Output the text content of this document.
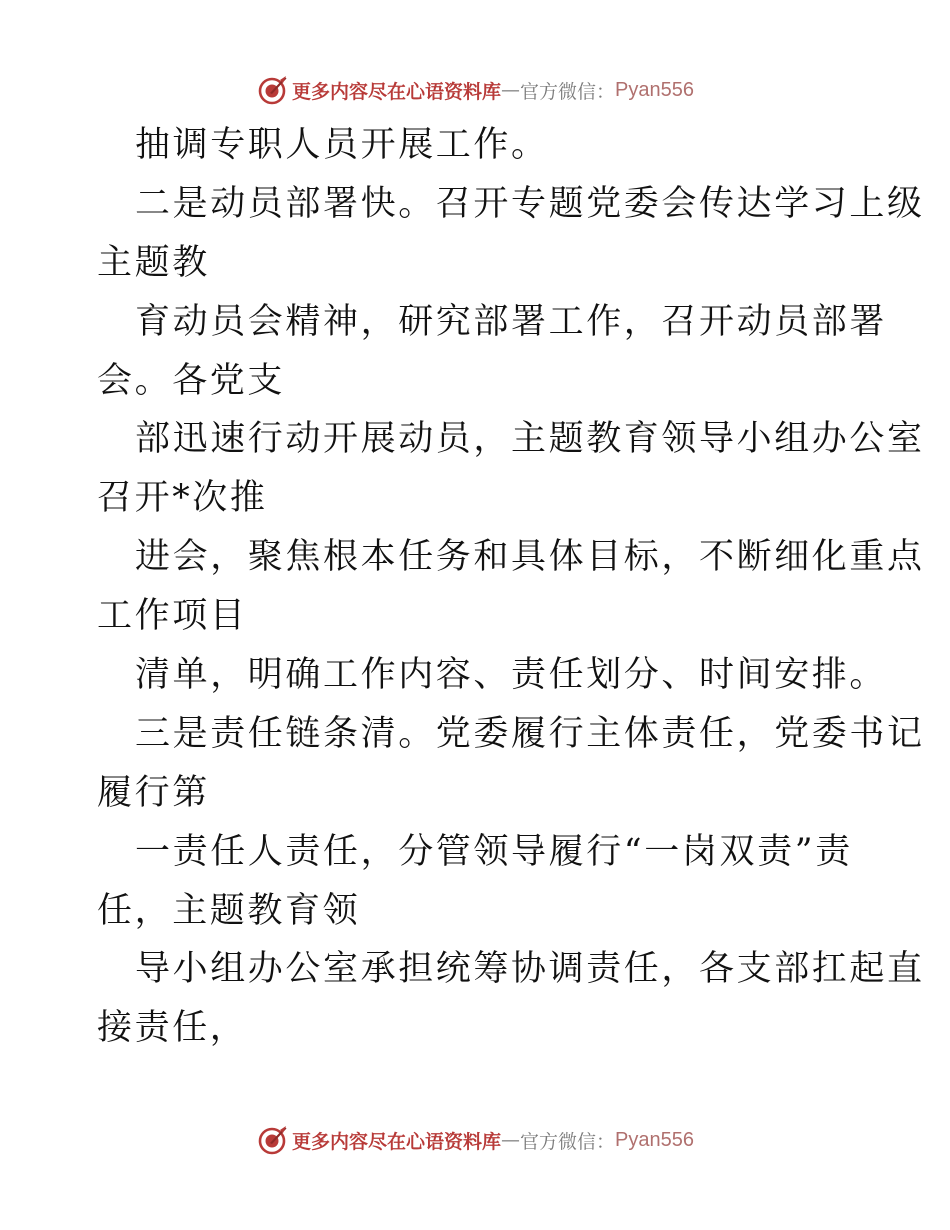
更多内容尽在心语资料库 — 官方微信： Pyan556
抽调专职人员开展工作。
二是动员部署快。召开专题党委会传达学习上级
主题教
育动员会精神，研究部署工作，召开动员部署
会。各党支
部迅速行动开展动员，主题教育领导小组办公室
召开*次推
进会，聚焦根本任务和具体目标，不断细化重点
工作项目
清单，明确工作内容、责任划分、时间安排。
三是责任链条清。党委履行主体责任，党委书记
履行第
一责任人责任，分管领导履行“一岗双责”责
任，主题教育领
导小组办公室承担统筹协调责任，各支部扛起直
接责任，
更多内容尽在心语资料库 — 官方微信： Pyan556
